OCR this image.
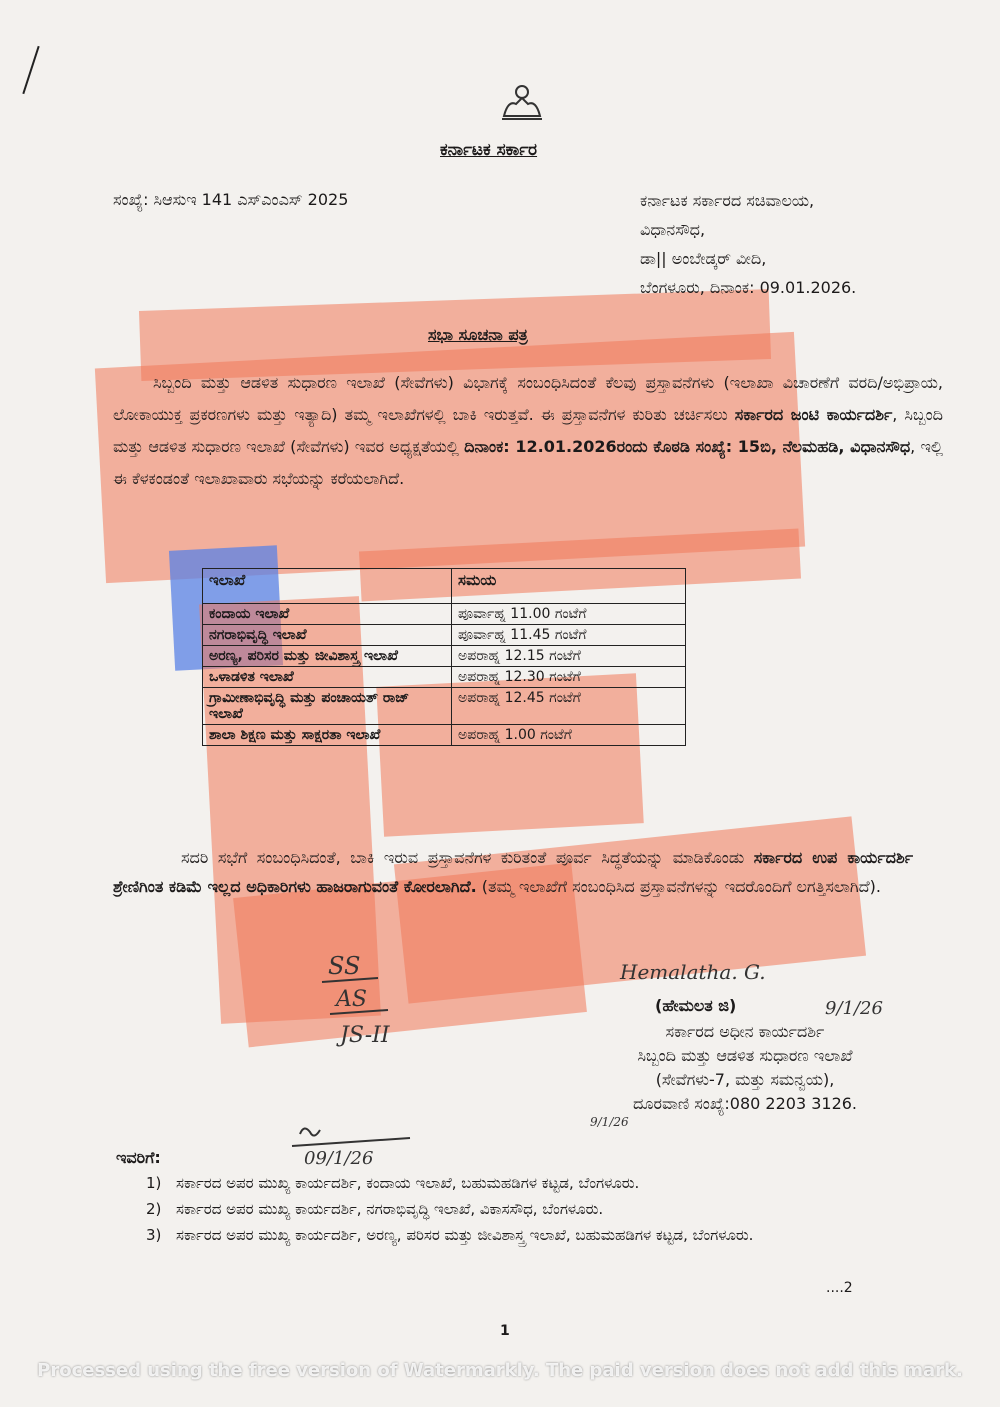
ಕರ್ನಾಟಕ ಸರ್ಕಾರ
ಸಂಖ್ಯೆ: ಸಿಆಸುಇ 141 ಎಸ್‌ಎಂಎಸ್ 2025	ಕರ್ನಾಟಕ ಸರ್ಕಾರದ ಸಚಿವಾಲಯ,
ವಿಧಾನಸೌಧ,
ಡಾ|| ಅಂಬೇಡ್ಕರ್ ವೀದಿ,
ಬೆಂಗಳೂರು, ದಿನಾಂಕ: 09.01.2026.
ಸಭಾ ಸೂಚನಾ ಪತ್ರ
ಸಿಬ್ಬಂದಿ ಮತ್ತು ಆಡಳಿತ ಸುಧಾರಣ ಇಲಾಖೆ (ಸೇವೆಗಳು) ವಿಭಾಗಕ್ಕೆ ಸಂಬಂಧಿಸಿದಂತೆ ಕೆಲವು ಪ್ರಸ್ತಾವನೆಗಳು (ಇಲಾಖಾ ವಿಚಾರಣೆಗೆ ವರದಿ/ಅಭಿಪ್ರಾಯ, ಲೋಕಾಯುಕ್ತ ಪ್ರಕರಣಗಳು ಮತ್ತು ಇತ್ಯಾದಿ) ತಮ್ಮ ಇಲಾಖೆಗಳಲ್ಲಿ ಬಾಕಿ ಇರುತ್ತವೆ. ಈ ಪ್ರಸ್ತಾವನೆಗಳ ಕುರಿತು ಚರ್ಚಿಸಲು ಸರ್ಕಾರದ ಜಂಟಿ ಕಾರ್ಯದರ್ಶಿ, ಸಿಬ್ಬಂದಿ ಮತ್ತು ಆಡಳಿತ ಸುಧಾರಣ ಇಲಾಖೆ (ಸೇವೆಗಳು) ಇವರ ಅಧ್ಯಕ್ಷತೆಯಲ್ಲಿ ದಿನಾಂಕ: 12.01.2026ರಂದು ಕೊಠಡಿ ಸಂಖ್ಯೆ: 15ಬಿ, ನೆಲಮಹಡಿ, ವಿಧಾನಸೌಧ, ಇಲ್ಲಿ ಈ ಕೆಳಕಂಡಂತೆ ಇಲಾಖಾವಾರು ಸಭೆಯನ್ನು ಕರೆಯಲಾಗಿದೆ.
ಇಲಾಖೆ	ಸಮಯ
ಕಂದಾಯ ಇಲಾಖೆ	ಪೂರ್ವಾಹ್ನ 11.00 ಗಂಟೆಗೆ
ನಗರಾಭಿವೃದ್ಧಿ ಇಲಾಖೆ	ಪೂರ್ವಾಹ್ನ 11.45 ಗಂಟೆಗೆ
ಅರಣ್ಯ, ಪರಿಸರ ಮತ್ತು ಜೀವಿಶಾಸ್ತ್ರ ಇಲಾಖೆ	ಅಪರಾಹ್ನ 12.15 ಗಂಟೆಗೆ
ಒಳಾಡಳಿತ ಇಲಾಖೆ	ಅಪರಾಹ್ನ 12.30 ಗಂಟೆಗೆ
ಗ್ರಾಮೀಣಾಭಿವೃದ್ಧಿ ಮತ್ತು ಪಂಚಾಯತ್ ರಾಜ್ ಇಲಾಖೆ	ಅಪರಾಹ್ನ 12.45 ಗಂಟೆಗೆ
ಶಾಲಾ ಶಿಕ್ಷಣ ಮತ್ತು ಸಾಕ್ಷರತಾ ಇಲಾಖೆ	ಅಪರಾಹ್ನ 1.00 ಗಂಟೆಗೆ
ಸದರಿ ಸಭೆಗೆ ಸಂಬಂಧಿಸಿದಂತೆ, ಬಾಕಿ ಇರುವ ಪ್ರಸ್ತಾವನೆಗಳ ಕುರಿತಂತೆ ಪೂರ್ವ ಸಿದ್ಧತೆಯನ್ನು ಮಾಡಿಕೊಂಡು ಸರ್ಕಾರದ ಉಪ ಕಾರ್ಯದರ್ಶಿ ಶ್ರೇಣಿಗಿಂತ ಕಡಿಮೆ ಇಲ್ಲದ ಅಧಿಕಾರಿಗಳು ಹಾಜರಾಗುವಂತೆ ಕೋರಲಾಗಿದೆ. (ತಮ್ಮ ಇಲಾಖೆಗೆ ಸಂಬಂಧಿಸಿದ ಪ್ರಸ್ತಾವನೆಗಳನ್ನು ಇದರೊಂದಿಗೆ ಲಗತ್ತಿಸಲಾಗಿದೆ).
SS
AS
JS-II
Hemalatha. G.
(ಹೇಮಲತ ಜಿ)	9/1/26
ಸರ್ಕಾರದ ಅಧೀನ ಕಾರ್ಯದರ್ಶಿ
ಸಿಬ್ಬಂದಿ ಮತ್ತು ಆಡಳಿತ ಸುಧಾರಣ ಇಲಾಖೆ
(ಸೇವೆಗಳು-7, ಮತ್ತು ಸಮನ್ವಯ),
ದೂರವಾಣಿ ಸಂಖ್ಯೆ:080 2203 3126.
09/1/26
9/1/26
ಇವರಿಗೆ:
1) ಸರ್ಕಾರದ ಅಪರ ಮುಖ್ಯ ಕಾರ್ಯದರ್ಶಿ, ಕಂದಾಯ ಇಲಾಖೆ, ಬಹುಮಹಡಿಗಳ ಕಟ್ಟಡ, ಬೆಂಗಳೂರು.
2) ಸರ್ಕಾರದ ಅಪರ ಮುಖ್ಯ ಕಾರ್ಯದರ್ಶಿ, ನಗರಾಭಿವೃದ್ಧಿ ಇಲಾಖೆ, ವಿಕಾಸಸೌಧ, ಬೆಂಗಳೂರು.
3) ಸರ್ಕಾರದ ಅಪರ ಮುಖ್ಯ ಕಾರ್ಯದರ್ಶಿ, ಅರಣ್ಯ, ಪರಿಸರ ಮತ್ತು ಜೀವಿಶಾಸ್ತ್ರ ಇಲಾಖೆ, ಬಹುಮಹಡಿಗಳ ಕಟ್ಟಡ, ಬೆಂಗಳೂರು.
....2
1
Processed using the free version of Watermarkly. The paid version does not add this mark.
